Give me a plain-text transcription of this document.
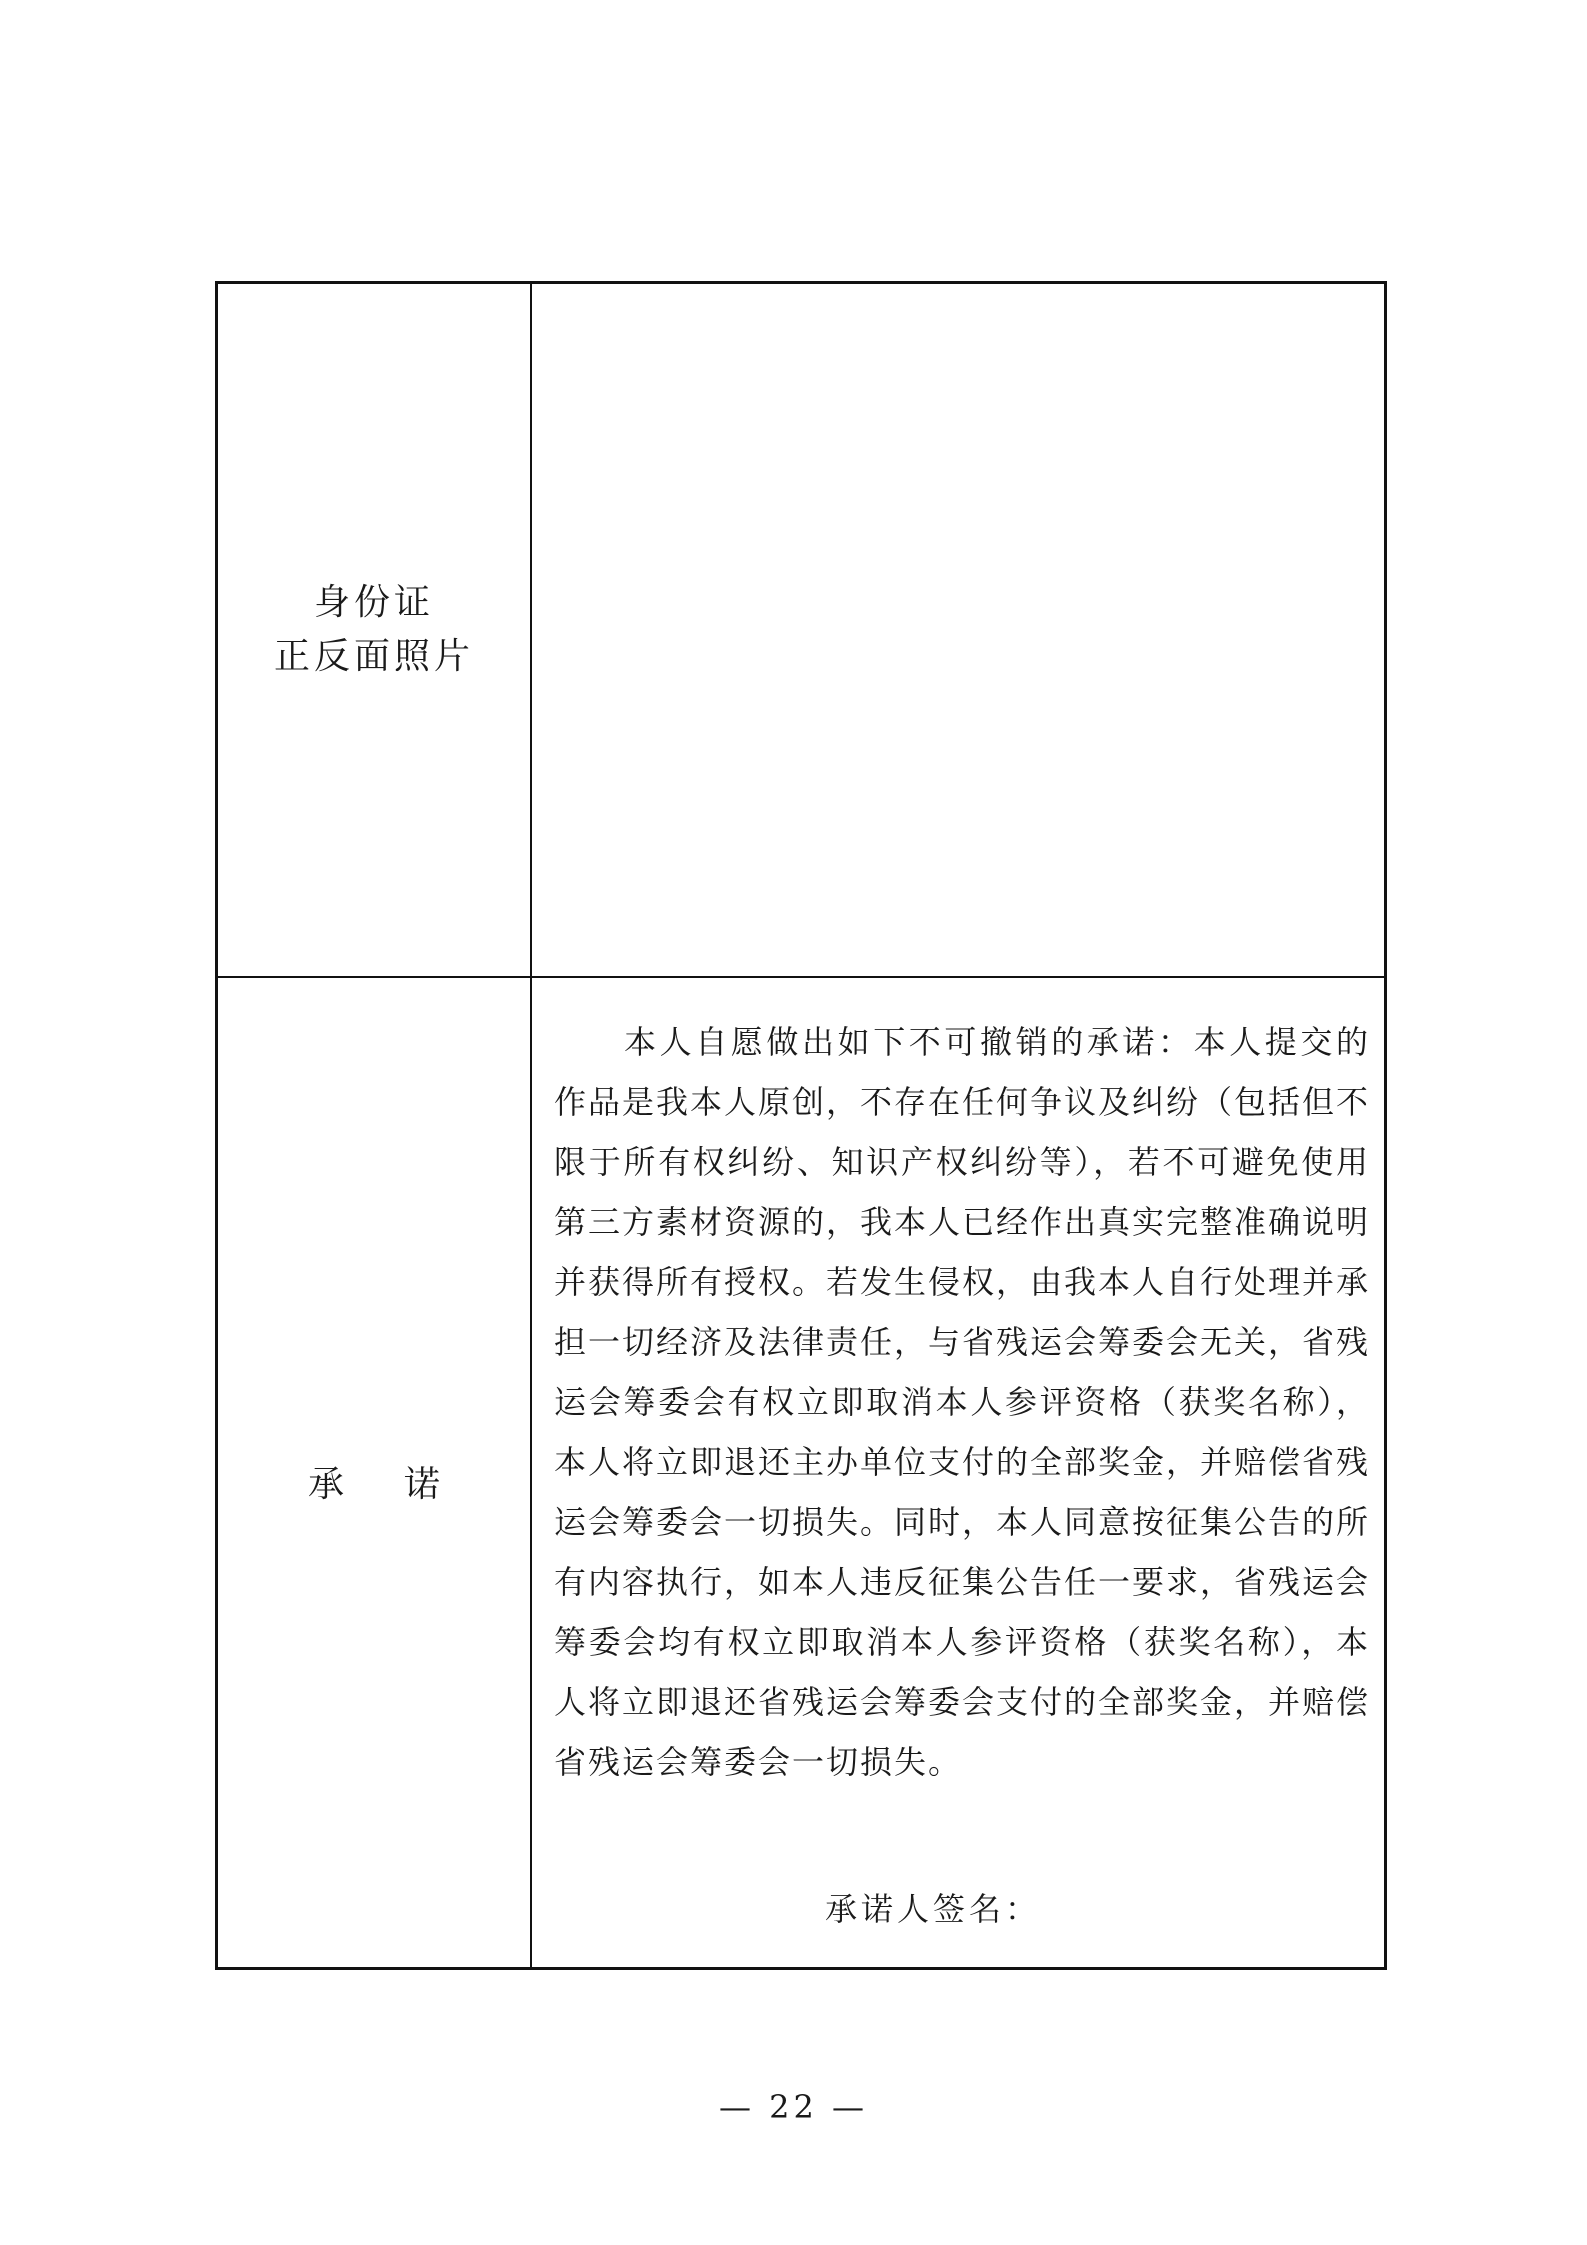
身份证
正反面照片
承诺
本人自愿做出如下不可撤销的承诺：本人提交的作品是我本人原创，不存在任何争议及纠纷（包括但不限于所有权纠纷、知识产权纠纷等），若不可避免使用第三方素材资源的，我本人已经作出真实完整准确说明并获得所有授权。若发生侵权，由我本人自行处理并承担一切经济及法律责任，与省残运会筹委会无关，省残运会筹委会有权立即取消本人参评资格（获奖名称），本人将立即退还主办单位支付的全部奖金，并赔偿省残运会筹委会一切损失。同时，本人同意按征集公告的所有内容执行，如本人违反征集公告任一要求，省残运会筹委会均有权立即取消本人参评资格（获奖名称），本人将立即退还省残运会筹委会支付的全部奖金，并赔偿省残运会筹委会一切损失。
承诺人签名：
— 22 —
